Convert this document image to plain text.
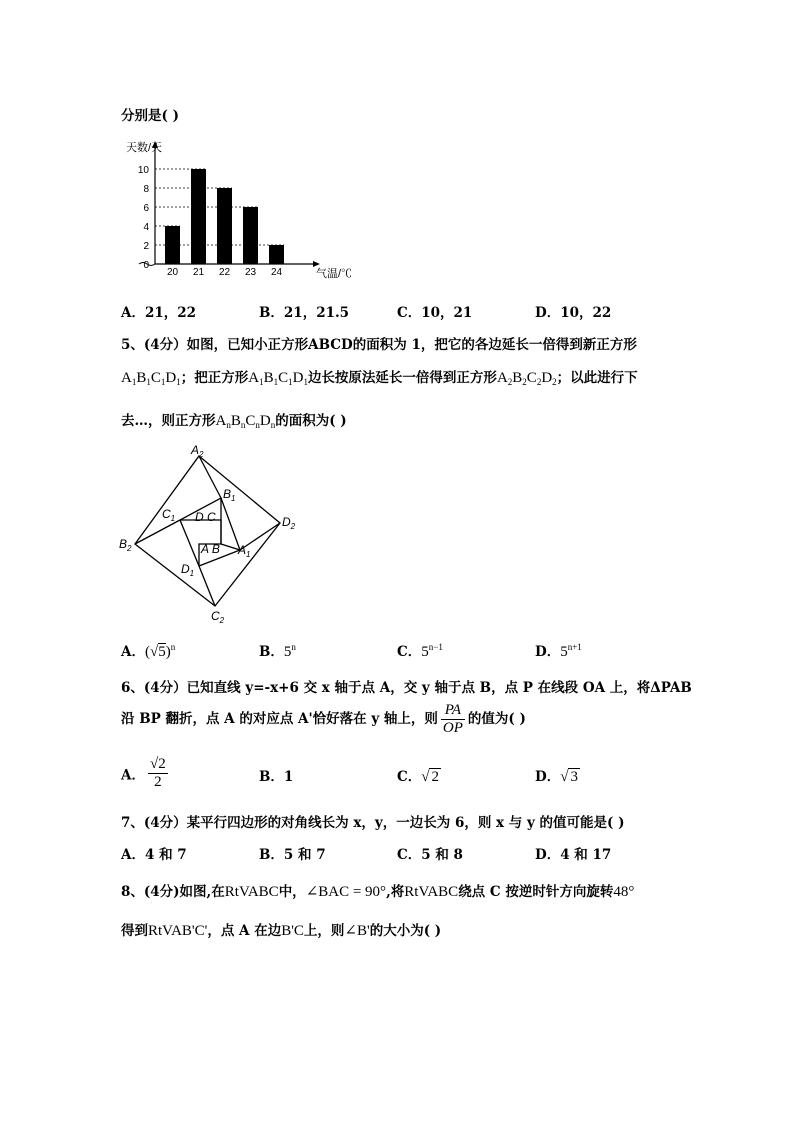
分别是( )
0
2
4
6
8
10
20 21 22 23 24
天数/天
气温/℃
A．21，22	B．21，21.5	C．10，21	D．10，22
5、(4分）如图，已知小正方形ABCD的面积为 1，把它的各边延长一倍得到新正方形
$A_1B_1C_1D_1$；把正方形$A_1B_1C_1D_1$边长按原法延长一倍得到正方形$A_2B_2C_2D_2$；以此进行下
去…，则正方形$A_nB_nC_nD_n$的面积为( )
$A_2$
$B_1$
$C_1$	$D_2$
$B_2$	$A_1$
$D_1$
$C_2$
D C
A B
A．$(√5)^n$	B．5$^n$	C．$5^{n-1}$	D．$5^{n+1}$
6、(4分）已知直线 y=-x+6 交 x 轴于点 A，交 y 轴于点 B，点 P 在线段 OA 上，将ΔPAB
沿 BP 翻折，点 A 的对应点 A'恰好落在 y 轴上，则 $\frac{PA}{OP}$ 的值为( )
A． $\frac{√2}{2}$	B．1	C．√ 2	D．√ 3
7、(4分）某平行四边形的对角线长为 x，y，一边长为 6，则 x 与 y 的值可能是( )
A．4 和 7	B．5 和 7	C．5 和 8	D．4 和 17
8、(4分)如图,在RtVABC中，∠BAC = 90°,将RtVABC绕点 C 按逆时针方向旋转48°
得到RtVAB'C'，点 A 在边B'C上，则∠B'的大小为( )
